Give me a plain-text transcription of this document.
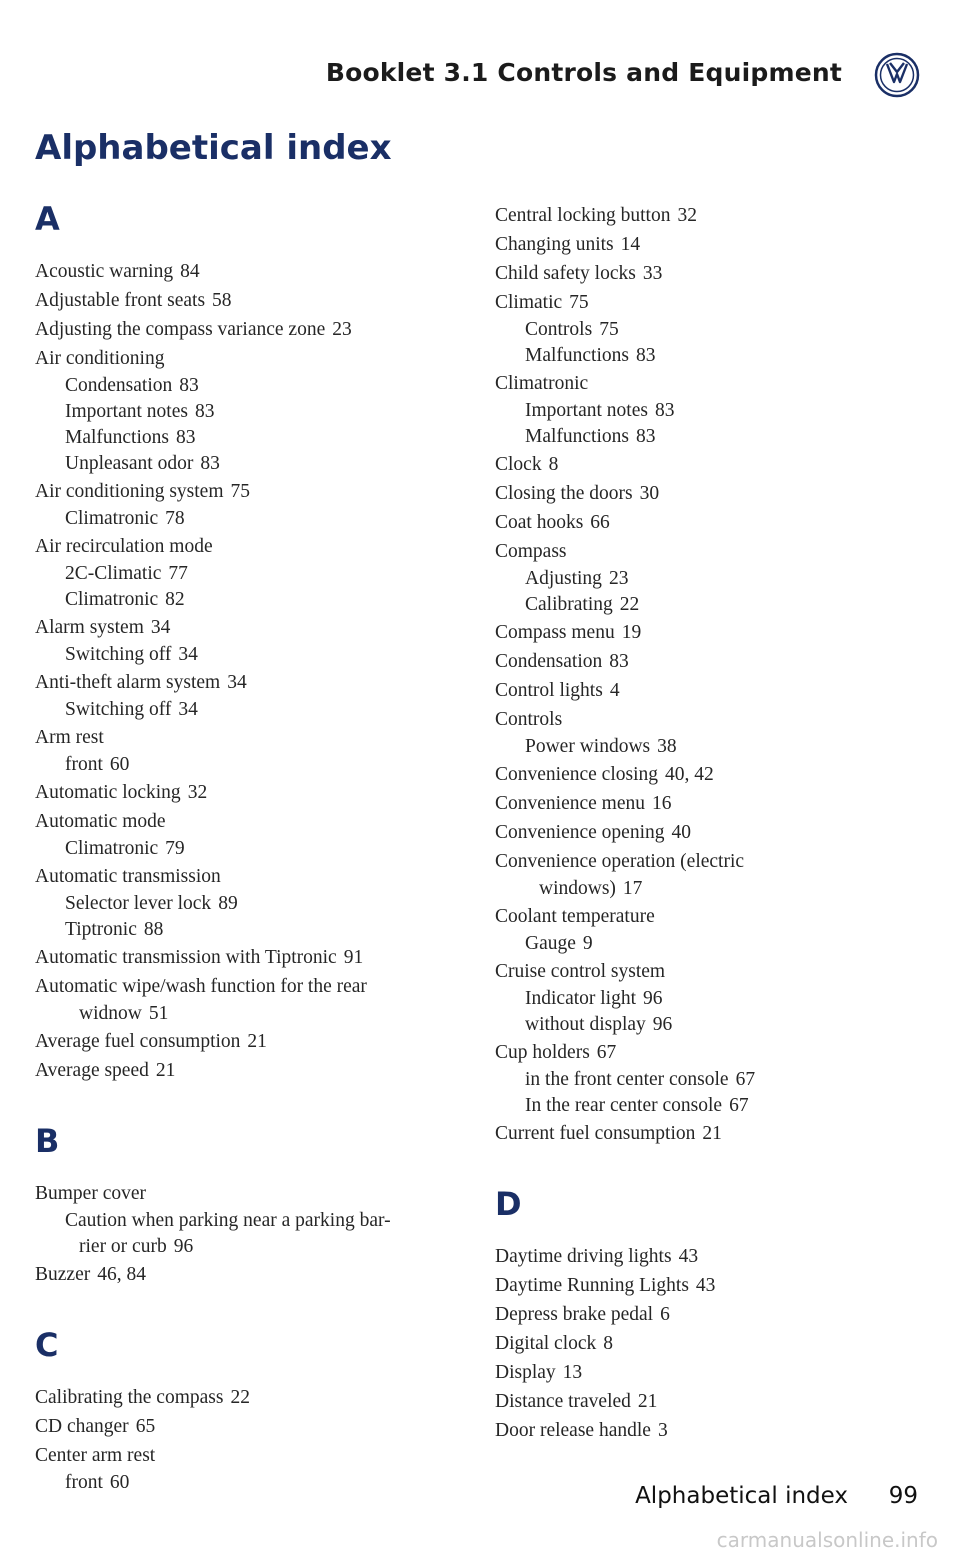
Booklet 3.1 Controls and Equipment
Alphabetical index
A
Acoustic warning 84
Adjustable front seats 58
Adjusting the compass variance zone 23
Air conditioning
Condensation 83
Important notes 83
Malfunctions 83
Unpleasant odor 83
Air conditioning system 75
Climatronic 78
Air recirculation mode
2C-Climatic 77
Climatronic 82
Alarm system 34
Switching off 34
Anti-theft alarm system 34
Switching off 34
Arm rest
front 60
Automatic locking 32
Automatic mode
Climatronic 79
Automatic transmission
Selector lever lock 89
Tiptronic 88
Automatic transmission with Tiptronic 91
Automatic wipe/wash function for the rear
widnow 51
Average fuel consumption 21
Average speed 21
B
Bumper cover
Caution when parking near a parking bar-
rier or curb 96
Buzzer 46, 84
C
Calibrating the compass 22
CD changer 65
Center arm rest
front 60
Central locking button 32
Changing units 14
Child safety locks 33
Climatic 75
Controls 75
Malfunctions 83
Climatronic
Important notes 83
Malfunctions 83
Clock 8
Closing the doors 30
Coat hooks 66
Compass
Adjusting 23
Calibrating 22
Compass menu 19
Condensation 83
Control lights 4
Controls
Power windows 38
Convenience closing 40, 42
Convenience menu 16
Convenience opening 40
Convenience operation (electric
windows) 17
Coolant temperature
Gauge 9
Cruise control system
Indicator light 96
without display 96
Cup holders 67
in the front center console 67
In the rear center console 67
Current fuel consumption 21
D
Daytime driving lights 43
Daytime Running Lights 43
Depress brake pedal 6
Digital clock 8
Display 13
Distance traveled 21
Door release handle 3
Alphabetical index 99
carmanualsonline.info
